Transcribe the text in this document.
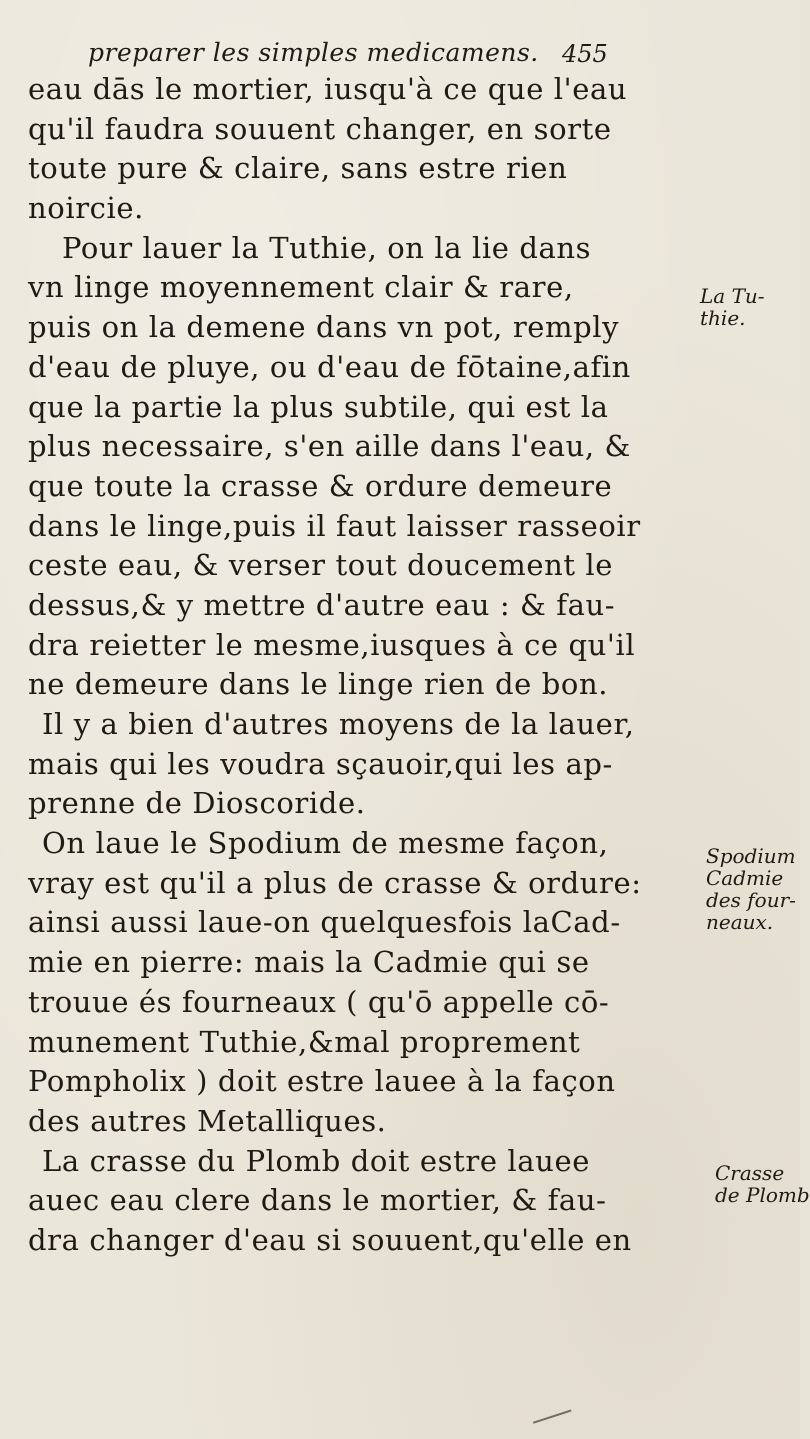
preparer les simples medicamens. 455
eau dās le mortier, iusqu'à ce que l'eau
qu'il faudra souuent changer, en sorte
toute pure & claire, sans estre rien
noircie.
Pour lauer la Tuthie, on la lie dans
vn linge moyennement clair & rare,
puis on la demene dans vn pot, remply
d'eau de pluye, ou d'eau de fōtaine,afin
que la partie la plus subtile, qui est la
plus necessaire, s'en aille dans l'eau, &
que toute la crasse & ordure demeure
dans le linge,puis il faut laisser rasseoir
ceste eau, & verser tout doucement le
dessus,& y mettre d'autre eau : & fau-
dra reietter le mesme,iusques à ce qu'il
ne demeure dans le linge rien de bon.
Il y a bien d'autres moyens de la lauer,
mais qui les voudra sçauoir,qui les ap-
prenne de Dioscoride.
On laue le Spodium de mesme façon,
vray est qu'il a plus de crasse & ordure:
ainsi aussi laue-on quelquesfois laCad-
mie en pierre: mais la Cadmie qui se
trouue és fourneaux ( qu'ō appelle cō-
munement Tuthie,&mal proprement
Pompholix ) doit estre lauee à la façon
des autres Metalliques.
La crasse du Plomb doit estre lauee
auec eau clere dans le mortier, & fau-
dra changer d'eau si souuent,qu'elle en
La Tu-
thie.
Spodium
Cadmie
des four-
neaux.
Crasse
de Plomb
